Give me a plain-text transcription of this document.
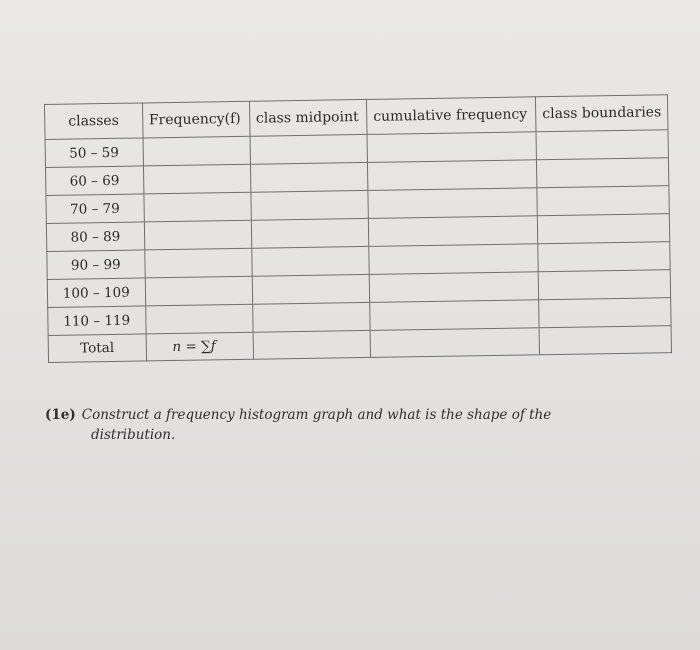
classes	Frequency(f)	class midpoint	cumulative frequency	class boundaries
50 – 59				
60 – 69				
70 – 79				
80 – 89				
90 – 99				
100 – 109				
110 – 119				
Total	n = ∑f			
(1e) Construct a frequency histogram graph and what is the shape of the distribution.
